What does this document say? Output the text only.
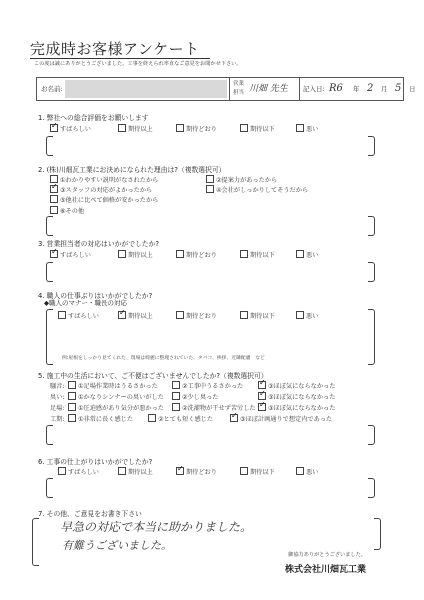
完成時お客様アンケート
この度は誠にありがとうございました。工事を終えられ率直なご意見をお聞かせ下さい。
お名前:
営業担当 川畑 先生 記入日: R6 年 2 月 5 日
1. 弊社への総合評価をお願いします
✓すばらしい	期待以上	期待どおり	期待以下	悪い
2. (株)川畑瓦工業にお決めになられた理由は?（複数選択可）
①わかりやすい説明がなされたから	②提案力があったから
✓③スタッフの対応がよかったから	④会社がしっかりしてそうだから
⑤他社に比べて価格が安かったから
⑥その他
3. 営業担当者の対応はいかがでしたか?
✓すばらしい	期待以上	期待どおり	期待以下	悪い
4. 職人の仕事ぶりはいかがでしたか?
◆職人のマナー・職長の対応
すばらしい ✓	期待以上	期待どおり	期待以下	悪い
例:屋根をしっかり見てくれた、現場は綺麗に整理されていた、タバコ、挨拶、近隣配慮　など
5. 施工中の生活において、ご不便はございませんでしたか?（複数選択可）
騒音:	①足場作業時はうるさかった	②工事中うるさかった ✓	③ほぼ気にならなかった
臭い:	①かなりシンナーの臭いがした	②少し臭った ✓	③ほぼ気にならなかった
足場:	①圧迫感があり気分が悪かった	②洗濯物が干せず苦労した ✓	③ほぼ気にならなかった
工期:	①非常に長く感じた	②とても短く感じた ✓	③ほぼ計画通りで想定内であった
6. 工事の仕上がりはいかがでしたか?
すばらしい	期待以上 ✓	期待どおり	期待以下	悪い
7. その他、ご意見をお書き下さい
早急の対応で本当に助かりました。
有難うございました。
御協力ありがとうございました。
株式会社川畑瓦工業
